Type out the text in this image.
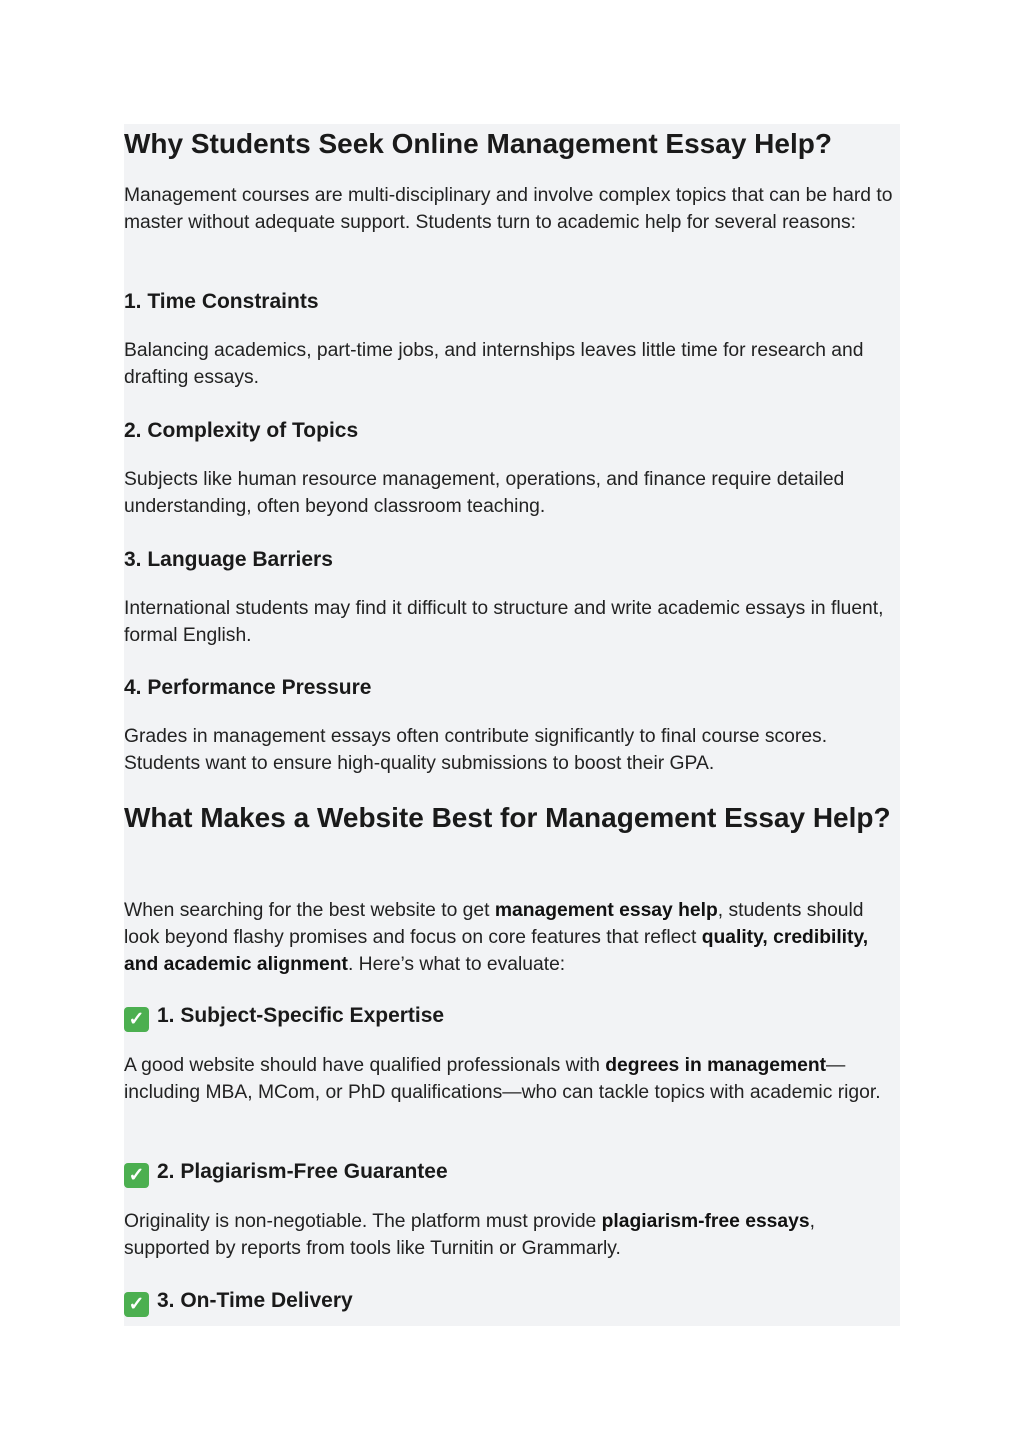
Why Students Seek Online Management Essay Help?

Management courses are multi-disciplinary and involve complex topics that can be hard to master without adequate support. Students turn to academic help for several reasons:

1. Time Constraints

Balancing academics, part-time jobs, and internships leaves little time for research and drafting essays.

2. Complexity of Topics

Subjects like human resource management, operations, and finance require detailed understanding, often beyond classroom teaching.

3. Language Barriers

International students may find it difficult to structure and write academic essays in fluent, formal English.

4. Performance Pressure

Grades in management essays often contribute significantly to final course scores. Students want to ensure high-quality submissions to boost their GPA.

What Makes a Website Best for Management Essay Help?

When searching for the best website to get management essay help, students should look beyond flashy promises and focus on core features that reflect quality, credibility, and academic alignment. Here’s what to evaluate:

✓ 1. Subject-Specific Expertise

A good website should have qualified professionals with degrees in management—including MBA, MCom, or PhD qualifications—who can tackle topics with academic rigor.

✓ 2. Plagiarism-Free Guarantee

Originality is non-negotiable. The platform must provide plagiarism-free essays, supported by reports from tools like Turnitin or Grammarly.

✓ 3. On-Time Delivery
